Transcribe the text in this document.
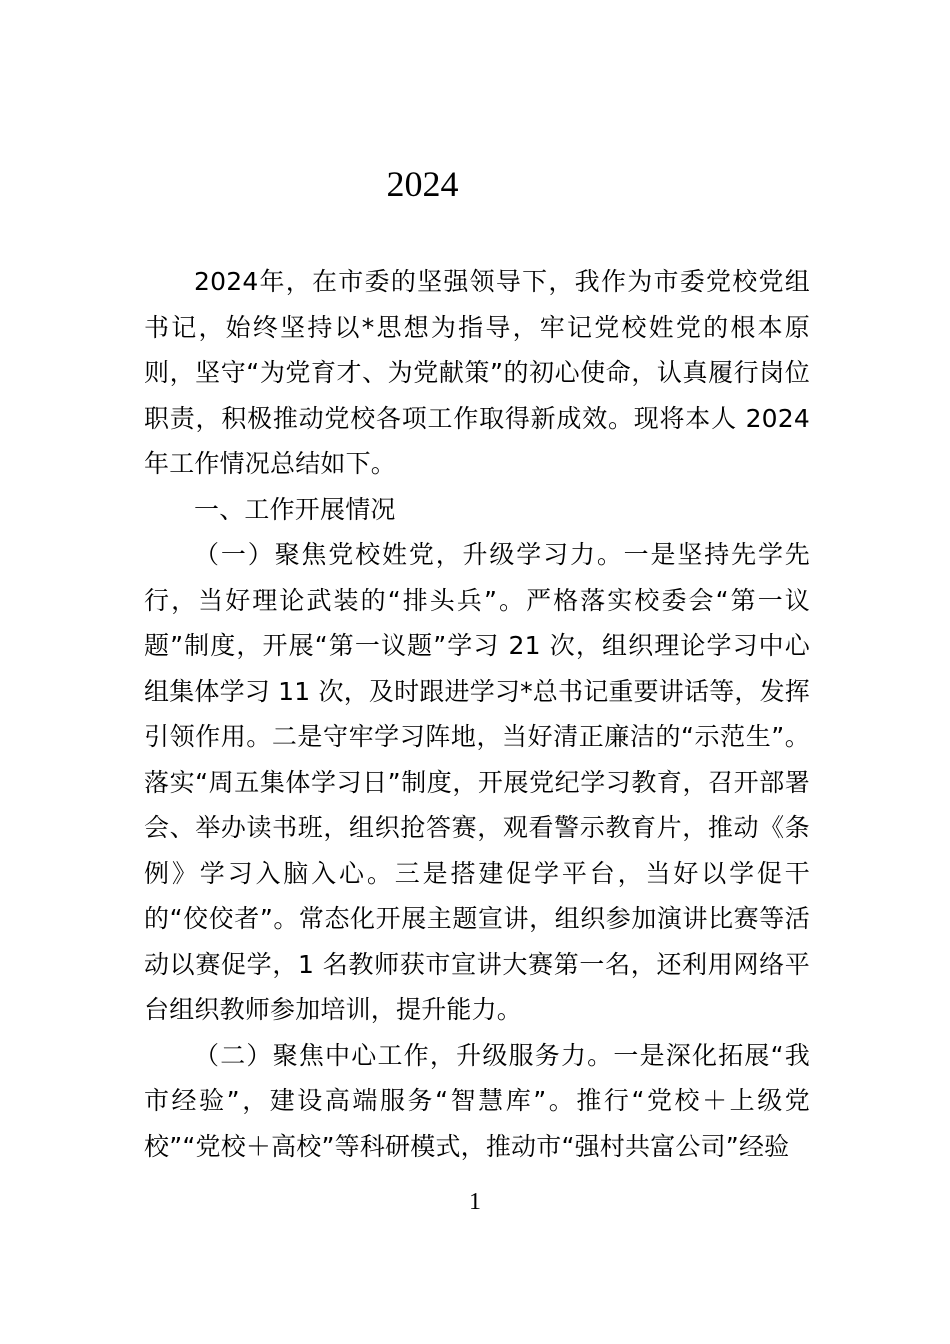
2024

2024年，在市委的坚强领导下，我作为市委党校党组书记，始终坚持以*思想为指导，牢记党校姓党的根本原则，坚守“为党育才、为党献策”的初心使命，认真履行岗位职责，积极推动党校各项工作取得新成效。现将本人 2024 年工作情况总结如下。

一、工作开展情况

（一）聚焦党校姓党，升级学习力。一是坚持先学先行，当好理论武装的“排头兵”。严格落实校委会“第一议题”制度，开展“第一议题”学习 21 次，组织理论学习中心组集体学习 11 次，及时跟进学习*总书记重要讲话等，发挥引领作用。二是守牢学习阵地，当好清正廉洁的“示范生”。落实“周五集体学习日”制度，开展党纪学习教育，召开部署会、举办读书班，组织抢答赛，观看警示教育片，推动《条例》学习入脑入心。三是搭建促学平台，当好以学促干的“佼佼者”。常态化开展主题宣讲，组织参加演讲比赛等活动以赛促学，1 名教师获市宣讲大赛第一名，还利用网络平台组织教师参加培训，提升能力。

（二）聚焦中心工作，升级服务力。一是深化拓展“我市经验”，建设高端服务“智慧库”。推行“党校＋上级党校”“党校＋高校”等科研模式，推动市“强村共富公司”经验

1
